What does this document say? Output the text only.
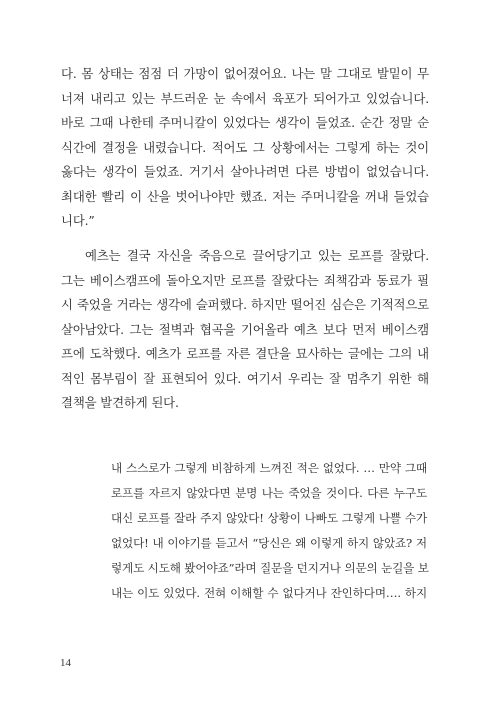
다. 몸 상태는 점점 더 가망이 없어졌어요. 나는 말 그대로 발밑이 무
너져 내리고 있는 부드러운 눈 속에서 육포가 되어가고 있었습니다.
바로 그때 나한테 주머니칼이 있었다는 생각이 들었죠. 순간 정말 순
식간에 결정을 내렸습니다. 적어도 그 상황에서는 그렇게 하는 것이
옳다는 생각이 들었죠. 거기서 살아나려면 다른 방법이 없었습니다.
최대한 빨리 이 산을 벗어나야만 했죠. 저는 주머니칼을 꺼내 들었습
니다.”
예츠는 결국 자신을 죽음으로 끌어당기고 있는 로프를 잘랐다.
그는 베이스캠프에 돌아오지만 로프를 잘랐다는 죄책감과 동료가 필
시 죽었을 거라는 생각에 슬퍼했다. 하지만 떨어진 심슨은 기적적으로
살아남았다. 그는 절벽과 협곡을 기어올라 예츠 보다 먼저 베이스캠
프에 도착했다. 예츠가 로프를 자른 결단을 묘사하는 글에는 그의 내
적인 몸부림이 잘 표현되어 있다. 여기서 우리는 잘 멈추기 위한 해
결책을 발견하게 된다.
내 스스로가 그렇게 비참하게 느껴진 적은 없었다. … 만약 그때
로프를 자르지 않았다면 분명 나는 죽었을 것이다. 다른 누구도
대신 로프를 잘라 주지 않았다! 상황이 나빠도 그렇게 나쁠 수가
없었다! 내 이야기를 듣고서 “당신은 왜 이렇게 하지 않았죠? 저
렇게도 시도해 봤어야죠”라며 질문을 던지거나 의문의 눈길을 보
내는 이도 있었다. 전혀 이해할 수 없다거나 잔인하다며…. 하지
14
